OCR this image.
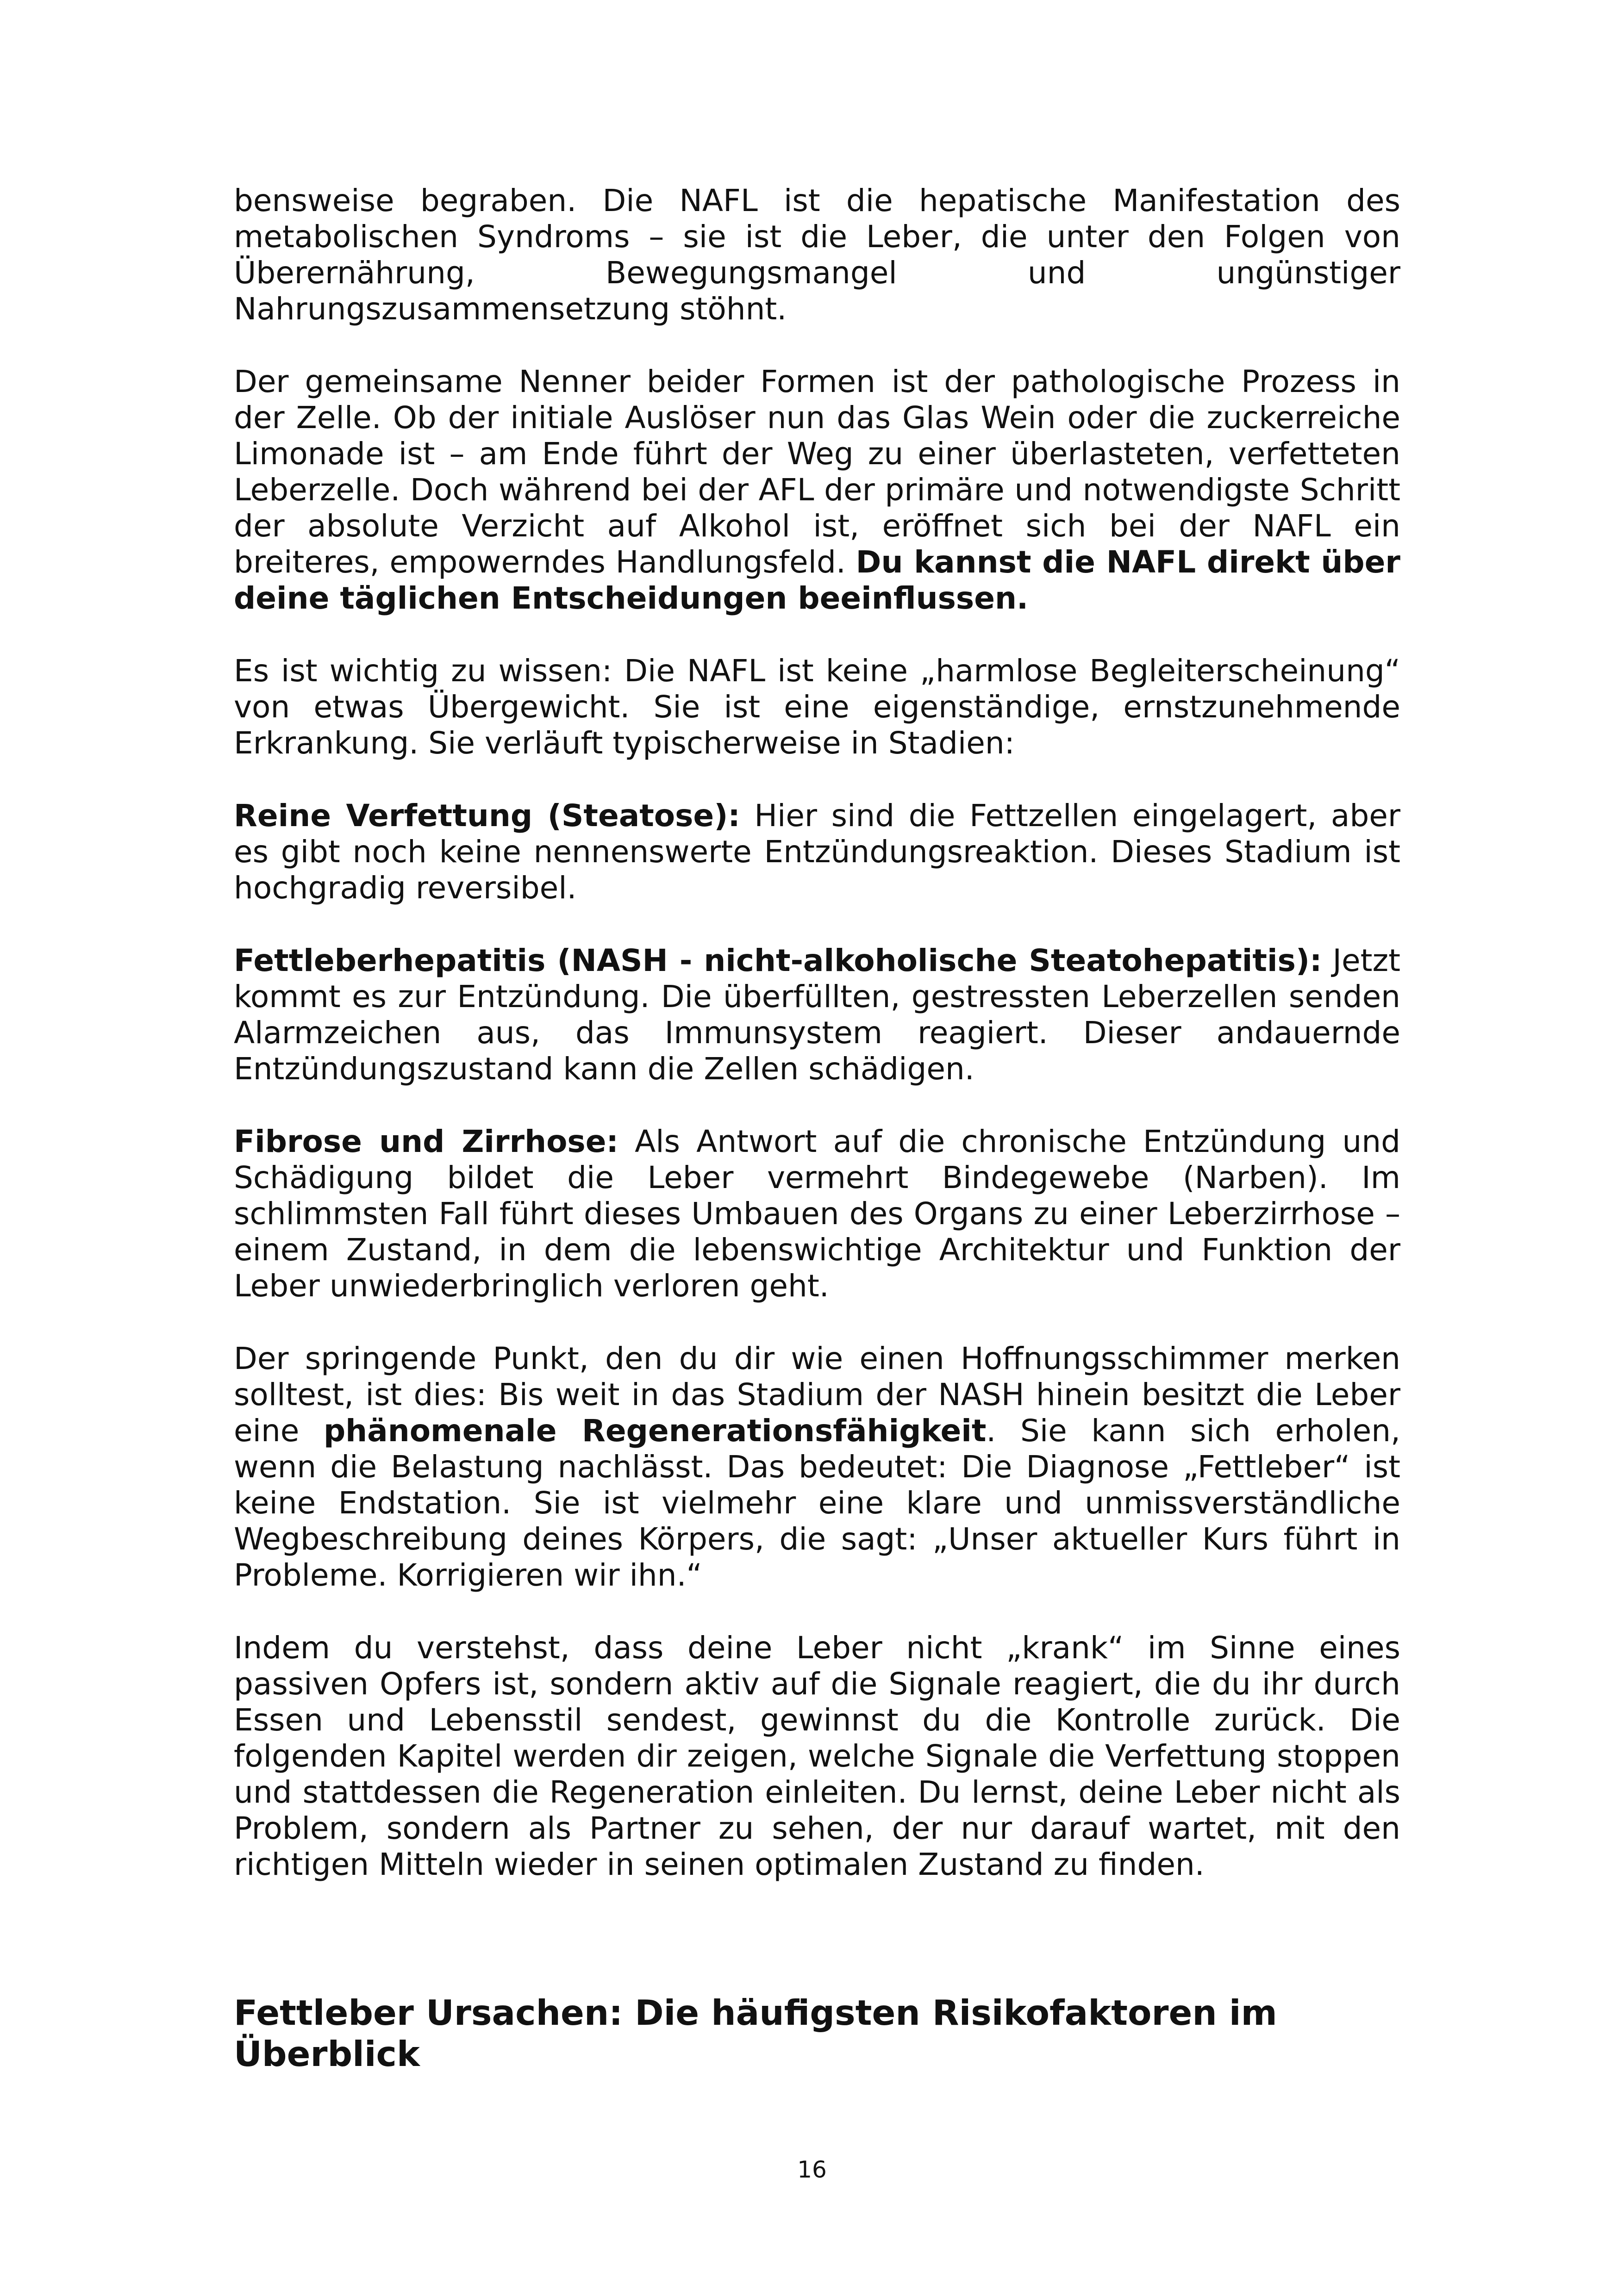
bensweise begraben. Die NAFL ist die hepatische Manifestation des metabolischen Syndroms – sie ist die Leber, die unter den Folgen von Überernährung, Bewegungsmangel und ungünstiger Nahrungszusammensetzung stöhnt.

Der gemeinsame Nenner beider Formen ist der pathologische Prozess in der Zelle. Ob der initiale Auslöser nun das Glas Wein oder die zuckerreiche Limonade ist – am Ende führt der Weg zu einer überlasteten, verfetteten Leberzelle. Doch während bei der AFL der primäre und notwendigste Schritt der absolute Verzicht auf Alkohol ist, eröffnet sich bei der NAFL ein breiteres, empowerndes Handlungsfeld. Du kannst die NAFL direkt über deine täglichen Entscheidungen beeinflussen.

Es ist wichtig zu wissen: Die NAFL ist keine „harmlose Begleiterscheinung“ von etwas Übergewicht. Sie ist eine eigenständige, ernstzunehmende Erkrankung. Sie verläuft typischerweise in Stadien:

Reine Verfettung (Steatose): Hier sind die Fettzellen eingelagert, aber es gibt noch keine nennenswerte Entzündungsreaktion. Dieses Stadium ist hochgradig reversibel.

Fettleberhepatitis (NASH - nicht-alkoholische Steatohepatitis): Jetzt kommt es zur Entzündung. Die überfüllten, gestressten Leberzellen senden Alarmzeichen aus, das Immunsystem reagiert. Dieser andauernde Entzündungszustand kann die Zellen schädigen.

Fibrose und Zirrhose: Als Antwort auf die chronische Entzündung und Schädigung bildet die Leber vermehrt Bindegewebe (Narben). Im schlimmsten Fall führt dieses Umbauen des Organs zu einer Leberzirrhose – einem Zustand, in dem die lebenswichtige Architektur und Funktion der Leber unwiederbringlich verloren geht.

Der springende Punkt, den du dir wie einen Hoffnungsschimmer merken solltest, ist dies: Bis weit in das Stadium der NASH hinein besitzt die Leber eine phänomenale Regenerationsfähigkeit. Sie kann sich erholen, wenn die Belastung nachlässt. Das bedeutet: Die Diagnose „Fettleber“ ist keine Endstation. Sie ist vielmehr eine klare und unmissverständliche Wegbeschreibung deines Körpers, die sagt: „Unser aktueller Kurs führt in Probleme. Korrigieren wir ihn.“

Indem du verstehst, dass deine Leber nicht „krank“ im Sinne eines passiven Opfers ist, sondern aktiv auf die Signale reagiert, die du ihr durch Essen und Lebensstil sendest, gewinnst du die Kontrolle zurück. Die folgenden Kapitel werden dir zeigen, welche Signale die Verfettung stoppen und stattdessen die Regeneration einleiten. Du lernst, deine Leber nicht als Problem, sondern als Partner zu sehen, der nur darauf wartet, mit den richtigen Mitteln wieder in seinen optimalen Zustand zu finden.

Fettleber Ursachen: Die häufigsten Risikofaktoren im Überblick
16
